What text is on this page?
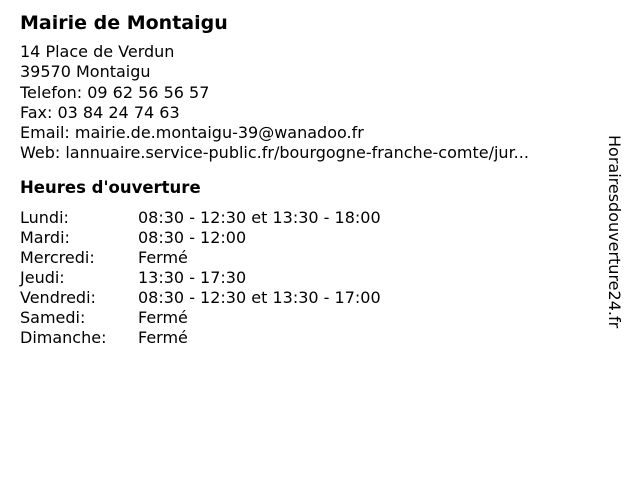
Mairie de Montaigu
14 Place de Verdun
39570 Montaigu
Telefon: 09 62 56 56 57
Fax: 03 84 24 74 63
Email: mairie.de.montaigu-39@wanadoo.fr
Web: lannuaire.service-public.fr/bourgogne-franche-comte/jur...
Heures d'ouverture
Lundi:	08:30 - 12:30 et 13:30 - 18:00
Mardi:	08:30 - 12:00
Mercredi:	Fermé
Jeudi:	13:30 - 17:30
Vendredi:	08:30 - 12:30 et 13:30 - 17:00
Samedi:	Fermé
Dimanche:	Fermé
Horairesdouverture24.fr
